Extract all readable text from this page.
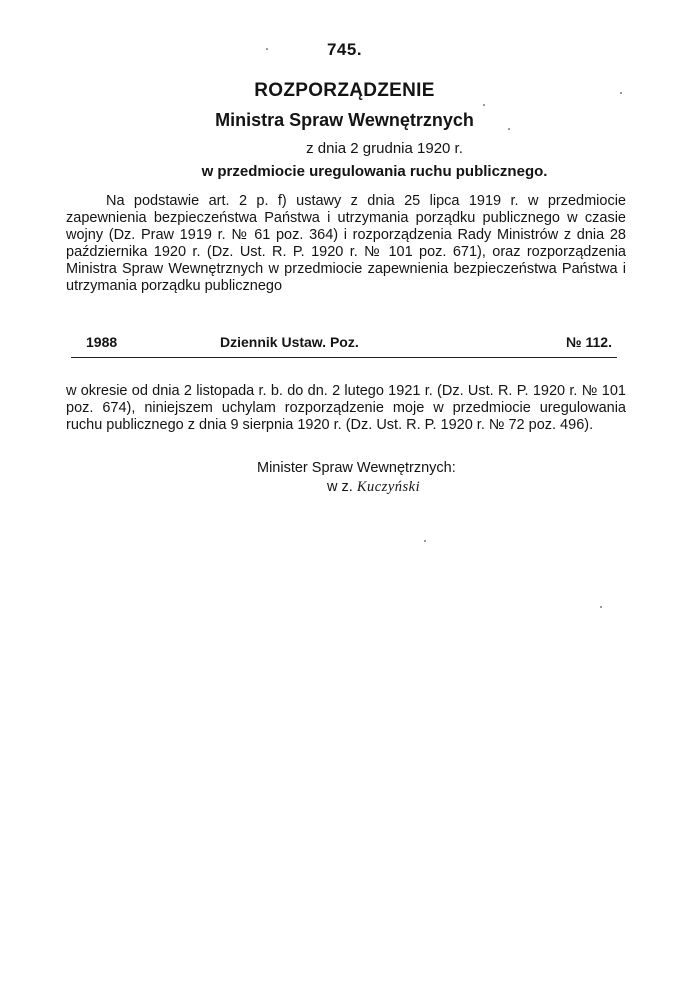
745.
ROZPORZĄDZENIE
Ministra Spraw Wewnętrznych
z dnia 2 grudnia 1920 r.
w przedmiocie uregulowania ruchu publicznego.
Na podstawie art. 2 p. f) ustawy z dnia 25 lipca 1919 r. w przedmiocie zapewnienia bezpieczeństwa Państwa i utrzymania porządku publicznego w czasie wojny (Dz. Praw 1919 r. № 61 poz. 364) i rozporządzenia Rady Ministrów z dnia 28 października 1920 r. (Dz. Ust. R. P. 1920 r. № 101 poz. 671), oraz rozporządzenia Ministra Spraw Wewnętrznych w przedmiocie zapewnienia bezpieczeństwa Państwa i utrzymania porządku publicznego
1988	Dziennik Ustaw. Poz.	№ 112.
w okresie od dnia 2 listopada r. b. do dn. 2 lutego 1921 r. (Dz. Ust. R. P. 1920 r. № 101 poz. 674), niniejszem uchylam rozporządzenie moje w przedmiocie uregulowania ruchu publicznego z dnia 9 sierpnia 1920 r. (Dz. Ust. R. P. 1920 r. № 72 poz. 496).
Minister Spraw Wewnętrznych:
w z. Kuczyński
